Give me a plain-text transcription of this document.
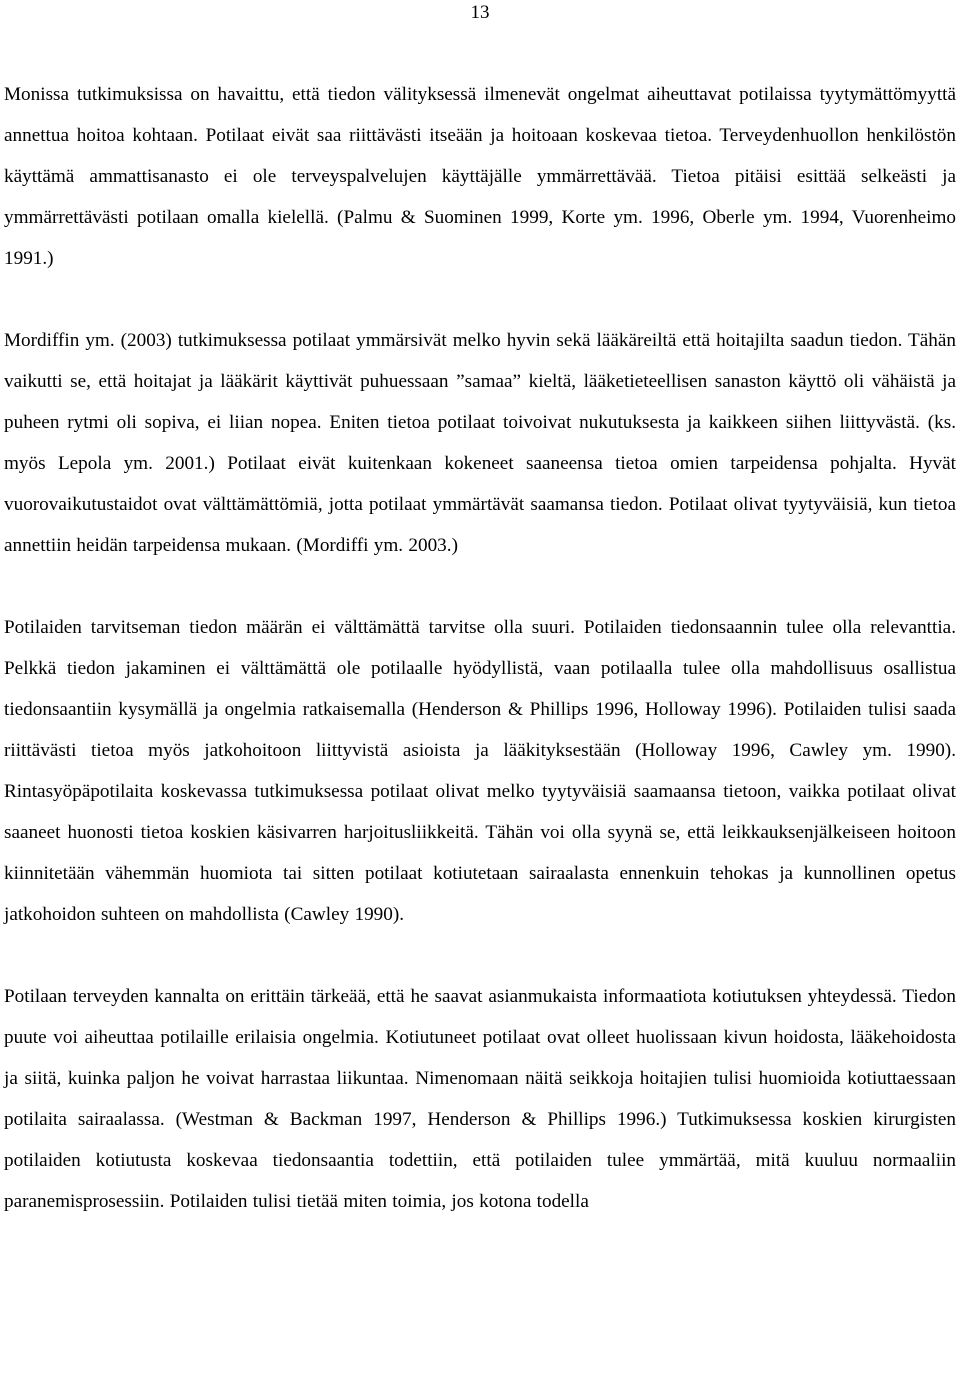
13

Monissa tutkimuksissa on havaittu, että tiedon välityksessä ilmenevät ongelmat aiheuttavat potilaissa tyytymättömyyttä annettua hoitoa kohtaan. Potilaat eivät saa riittävästi itseään ja hoitoaan koskevaa tietoa. Terveydenhuollon henkilöstön käyttämä ammattisanasto ei ole terveyspalvelujen käyttäjälle ymmärrettävää. Tietoa pitäisi esittää selkeästi ja ymmärrettävästi potilaan omalla kielellä. (Palmu & Suominen 1999, Korte ym. 1996, Oberle ym. 1994, Vuorenheimo 1991.)

Mordiffin ym. (2003) tutkimuksessa potilaat ymmärsivät melko hyvin sekä lääkäreiltä että hoitajilta saadun tiedon. Tähän vaikutti se, että hoitajat ja lääkärit käyttivät puhuessaan ”samaa” kieltä, lääketieteellisen sanaston käyttö oli vähäistä ja puheen rytmi oli sopiva, ei liian nopea. Eniten tietoa potilaat toivoivat nukutuksesta ja kaikkeen siihen liittyvästä. (ks. myös Lepola ym. 2001.) Potilaat eivät kuitenkaan kokeneet saaneensa tietoa omien tarpeidensa pohjalta. Hyvät vuorovaikutustaidot ovat välttämättömiä, jotta potilaat ymmärtävät saamansa tiedon. Potilaat olivat tyytyväisiä, kun tietoa annettiin heidän tarpeidensa mukaan. (Mordiffi ym. 2003.)

Potilaiden tarvitseman tiedon määrän ei välttämättä tarvitse olla suuri. Potilaiden tiedonsaannin tulee olla relevanttia. Pelkkä tiedon jakaminen ei välttämättä ole potilaalle hyödyllistä, vaan potilaalla tulee olla mahdollisuus osallistua tiedonsaantiin kysymällä ja ongelmia ratkaisemalla (Henderson & Phillips 1996, Holloway 1996). Potilaiden tulisi saada riittävästi tietoa myös jatkohoitoon liittyvistä asioista ja lääkityksestään (Holloway 1996, Cawley ym. 1990). Rintasyöpäpotilaita koskevassa tutkimuksessa potilaat olivat melko tyytyväisiä saamaansa tietoon, vaikka potilaat olivat saaneet huonosti tietoa koskien käsivarren harjoitusliikkeitä. Tähän voi olla syynä se, että leikkauksenjälkeiseen hoitoon kiinnitetään vähemmän huomiota tai sitten potilaat kotiutetaan sairaalasta ennenkuin tehokas ja kunnollinen opetus jatkohoidon suhteen on mahdollista (Cawley 1990).

Potilaan terveyden kannalta on erittäin tärkeää, että he saavat asianmukaista informaatiota kotiutuksen yhteydessä. Tiedon puute voi aiheuttaa potilaille erilaisia ongelmia. Kotiutuneet potilaat ovat olleet huolissaan kivun hoidosta, lääkehoidosta ja siitä, kuinka paljon he voivat harrastaa liikuntaa. Nimenomaan näitä seikkoja hoitajien tulisi huomioida kotiuttaessaan potilaita sairaalassa. (Westman & Backman 1997, Henderson & Phillips 1996.) Tutkimuksessa koskien kirurgisten potilaiden kotiutusta koskevaa tiedonsaantia todettiin, että potilaiden tulee ymmärtää, mitä kuuluu normaaliin paranemisprosessiin. Potilaiden tulisi tietää miten toimia, jos kotona todella
